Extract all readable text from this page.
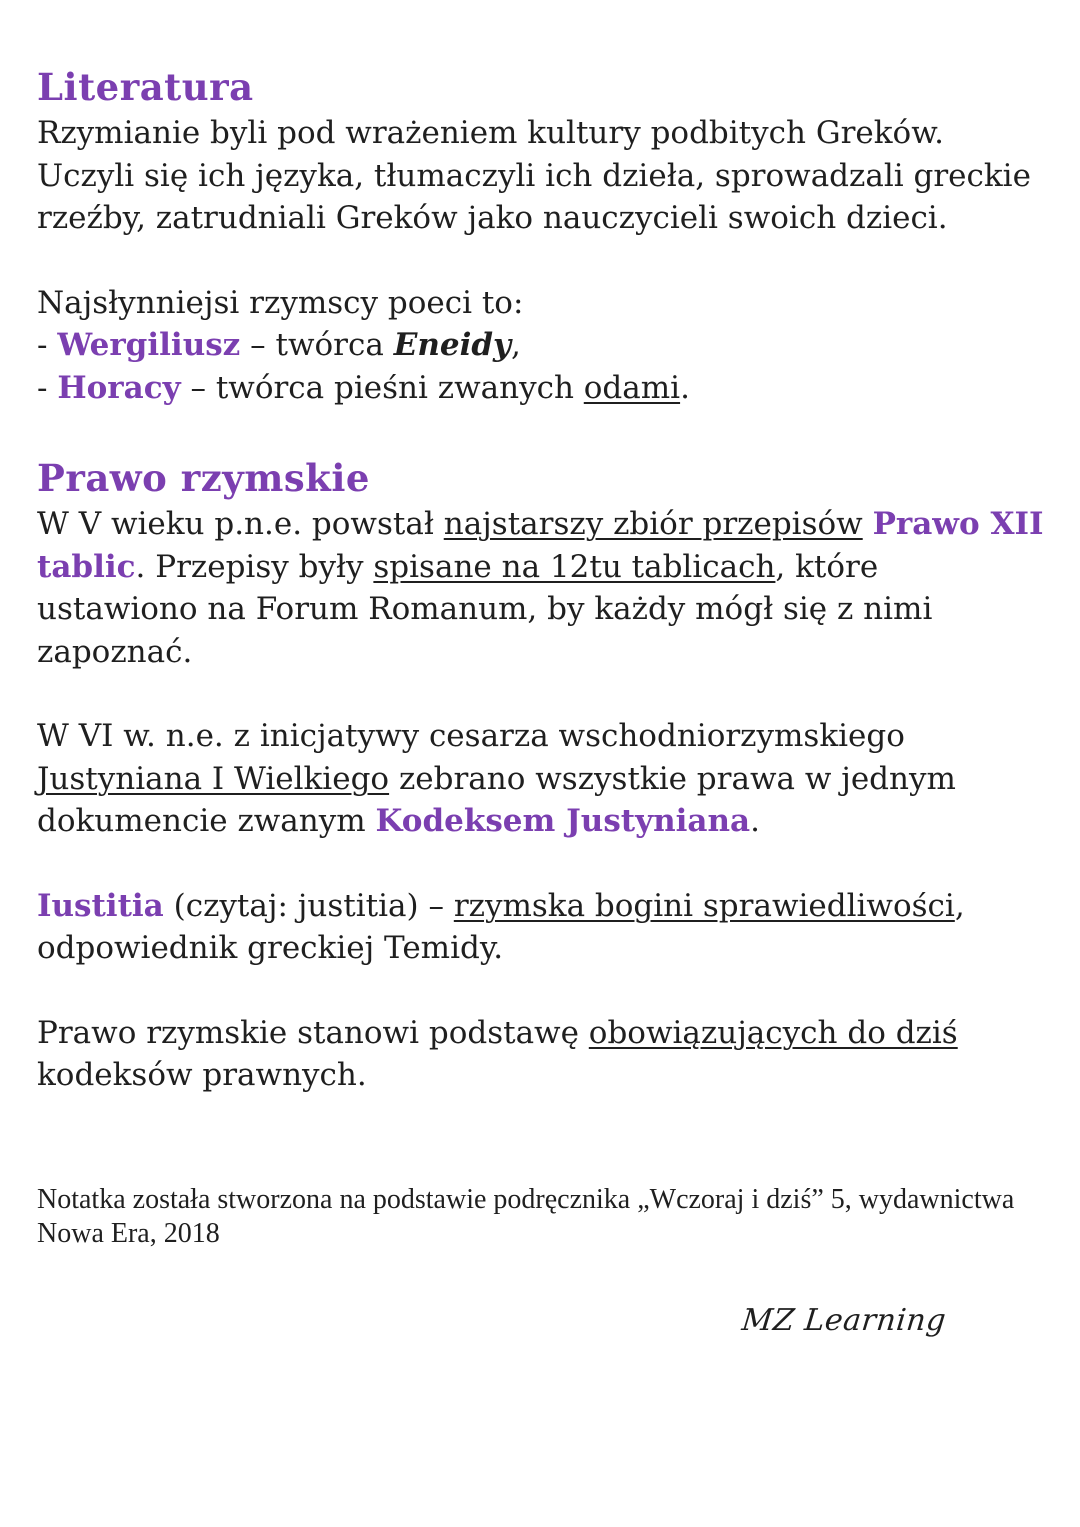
Literatura

Rzymianie byli pod wrażeniem kultury podbitych Greków. Uczyli się ich języka, tłumaczyli ich dzieła, sprowadzali greckie rzeźby, zatrudniali Greków jako nauczycieli swoich dzieci.

Najsłynniejsi rzymscy poeci to:

- Wergiliusz – twórca Eneidy,

- Horacy – twórca pieśni zwanych odami.

Prawo rzymskie

W V wieku p.n.e. powstał najstarszy zbiór przepisów Prawo XII tablic. Przepisy były spisane na 12tu tablicach, które ustawiono na Forum Romanum, by każdy mógł się z nimi zapoznać.

W VI w. n.e. z inicjatywy cesarza wschodniorzymskiego Justyniana I Wielkiego zebrano wszystkie prawa w jednym dokumencie zwanym Kodeksem Justyniana.

Iustitia (czytaj: justitia) – rzymska bogini sprawiedliwości, odpowiednik greckiej Temidy.

Prawo rzymskie stanowi podstawę obowiązujących do dziś kodeksów prawnych.

Notatka została stworzona na podstawie podręcznika „Wczoraj i dziś” 5, wydawnictwa Nowa Era, 2018

MZ Learning
